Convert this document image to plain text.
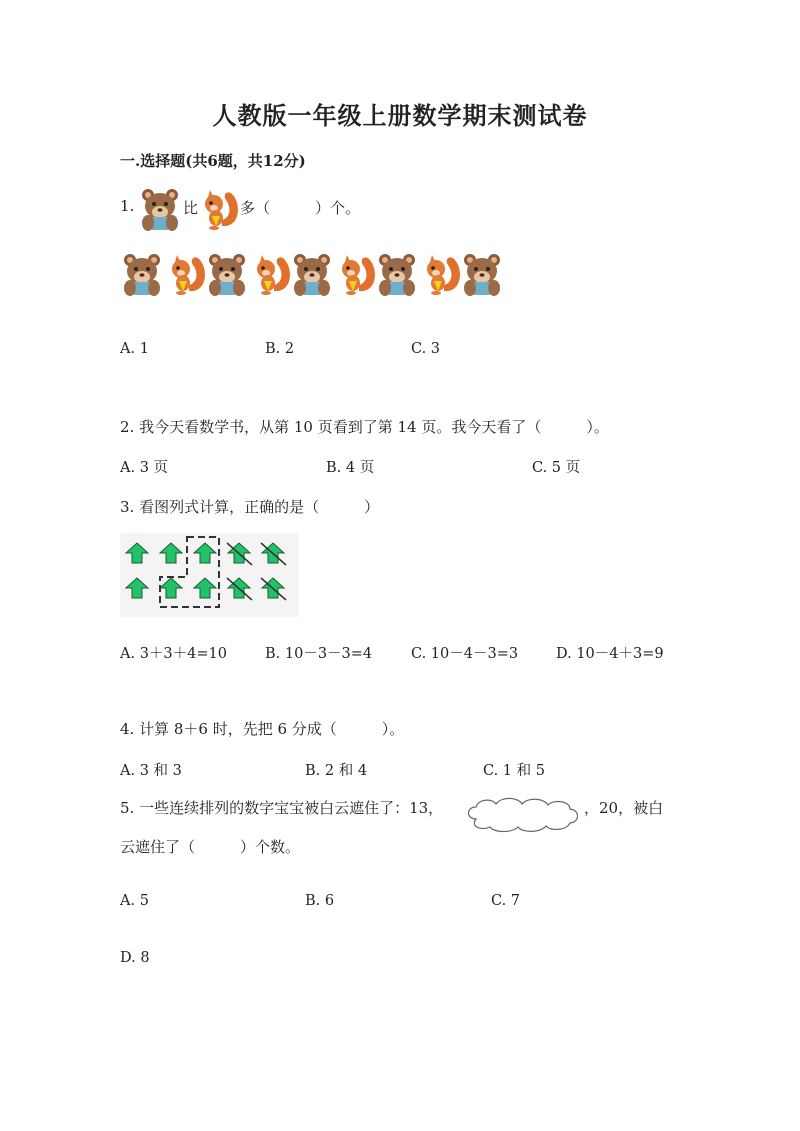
人教版一年级上册数学期末测试卷
一.选择题(共6题，共12分)
1.	比	多（　　　）个。
A. 1	B. 2	C. 3
2. 我今天看数学书，从第 10 页看到了第 14 页。我今天看了（　　　）。
A. 3 页	B. 4 页	C. 5 页
3. 看图列式计算，正确的是（　　　）
A. 3＋3＋4=10	B. 10－3－3=4	C. 10－4－3=3	D. 10－4＋3=9
4. 计算 8＋6 时，先把 6 分成（　　　）。
A. 3 和 3	B. 2 和 4	C. 1 和 5
5. 一些连续排列的数字宝宝被白云遮住了：13，	，20，被白
云遮住了（　　　）个数。
A. 5	B. 6	C. 7
D. 8
